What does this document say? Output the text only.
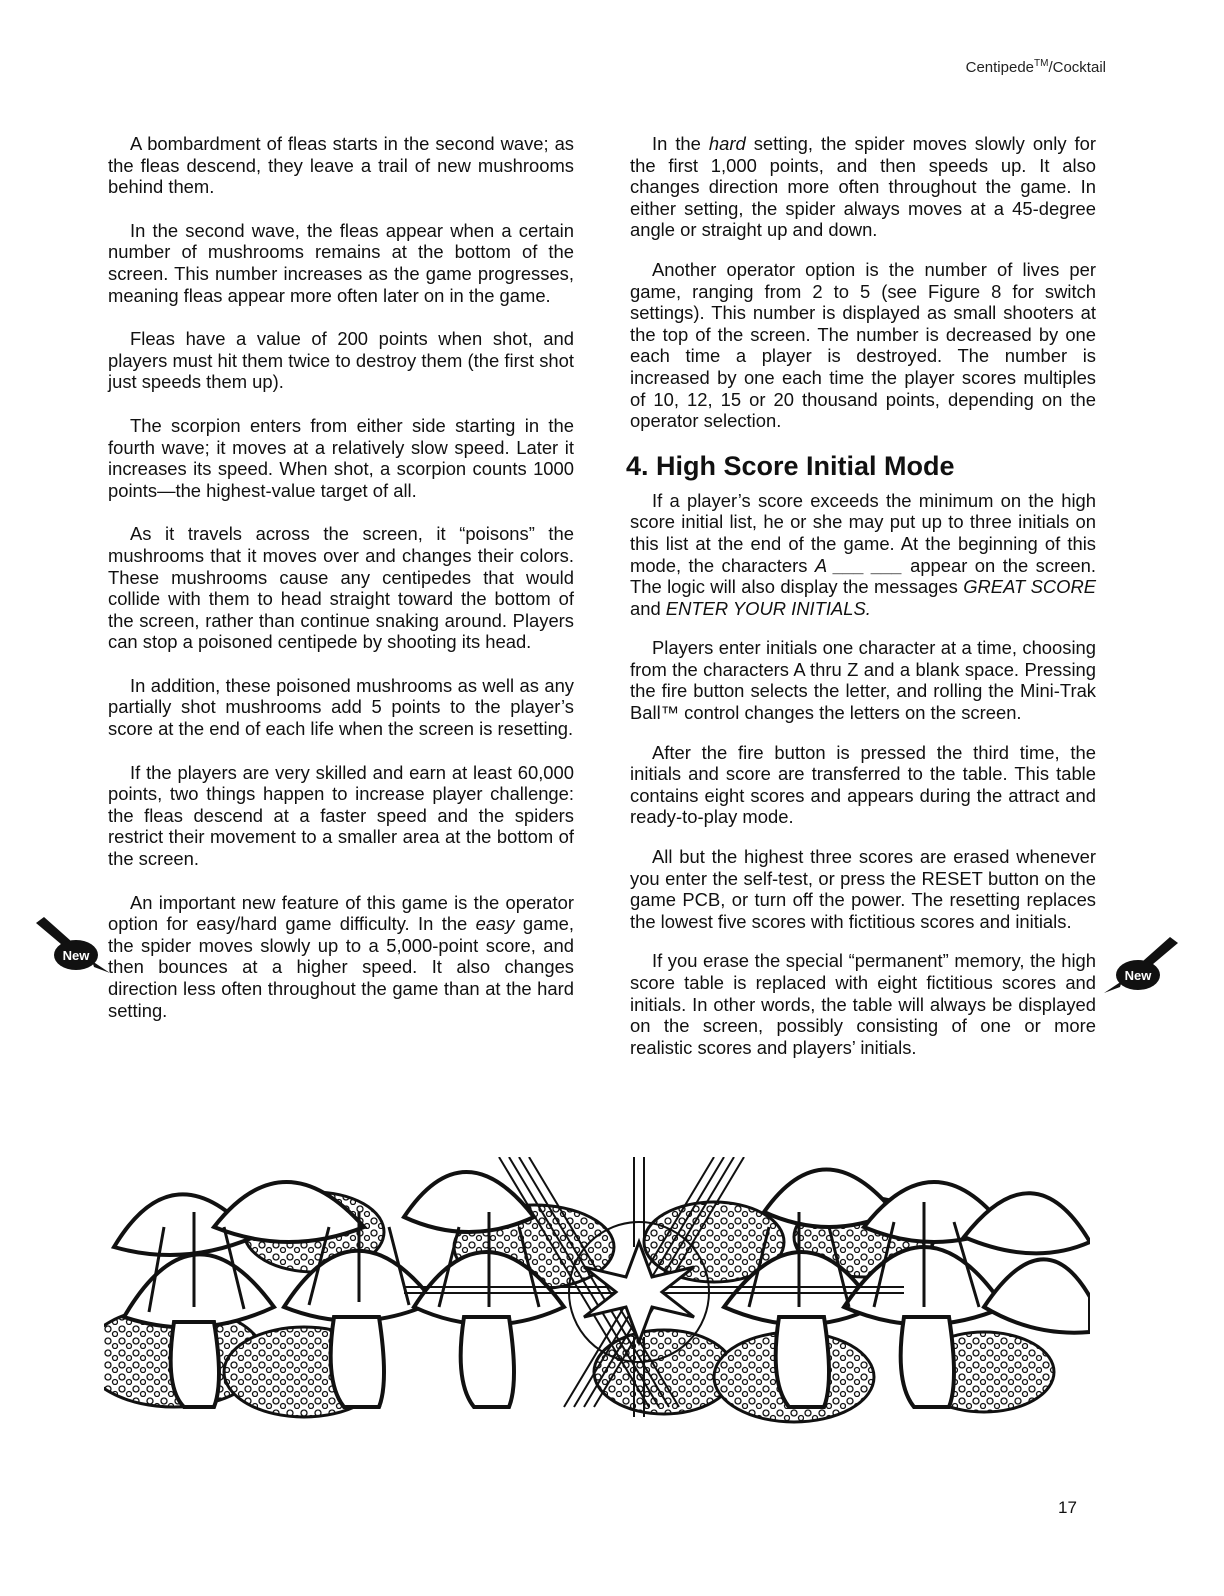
Centipede™/Cocktail

A bombardment of fleas starts in the second wave; as the fleas descend, they leave a trail of new mushrooms behind them.

In the second wave, the fleas appear when a certain number of mushrooms remains at the bottom of the screen. This number increases as the game progresses, meaning fleas appear more often later on in the game.

Fleas have a value of 200 points when shot, and players must hit them twice to destroy them (the first shot just speeds them up).

The scorpion enters from either side starting in the fourth wave; it moves at a relatively slow speed. Later it increases its speed. When shot, a scorpion counts 1000 points—the highest-value target of all.

As it travels across the screen, it “poisons” the mushrooms that it moves over and changes their colors. These mushrooms cause any centipedes that would collide with them to head straight toward the bottom of the screen, rather than continue snaking around. Players can stop a poisoned centipede by shooting its head.

In addition, these poisoned mushrooms as well as any partially shot mushrooms add 5 points to the player’s score at the end of each life when the screen is resetting.

If the players are very skilled and earn at least 60,000 points, two things happen to increase player challenge: the fleas descend at a faster speed and the spiders restrict their movement to a smaller area at the bottom of the screen.

An important new feature of this game is the operator option for easy/hard game difficulty. In the easy game, the spider moves slowly up to a 5,000-point score, and then bounces at a higher speed. It also changes direction less often throughout the game than at the hard setting.

In the hard setting, the spider moves slowly only for the first 1,000 points, and then speeds up. It also changes direction more often throughout the game. In either setting, the spider always moves at a 45-degree angle or straight up and down.

Another operator option is the number of lives per game, ranging from 2 to 5 (see Figure 8 for switch settings). This number is displayed as small shooters at the top of the screen. The number is decreased by one each time a player is destroyed. The number is increased by one each time the player scores multiples of 10, 12, 15 or 20 thousand points, depending on the operator selection.

4. High Score Initial Mode

If a player’s score exceeds the minimum on the high score initial list, he or she may put up to three initials on this list at the end of the game. At the beginning of this mode, the characters A ___ ___ appear on the screen. The logic will also display the messages GREAT SCORE and ENTER YOUR INITIALS.

Players enter initials one character at a time, choosing from the characters A thru Z and a blank space. Pressing the fire button selects the letter, and rolling the Mini-Trak Ball™ control changes the letters on the screen.

After the fire button is pressed the third time, the initials and score are transferred to the table. This table contains eight scores and appears during the attract and ready-to-play mode.

All but the highest three scores are erased whenever you enter the self-test, or press the RESET button on the game PCB, or turn off the power. The resetting replaces the lowest five scores with fictitious scores and initials.

If you erase the special “permanent” memory, the high score table is replaced with eight fictitious scores and initials. In other words, the table will always be displayed on the screen, possibly consisting of one or more realistic scores and players’ initials.

New
New
17
